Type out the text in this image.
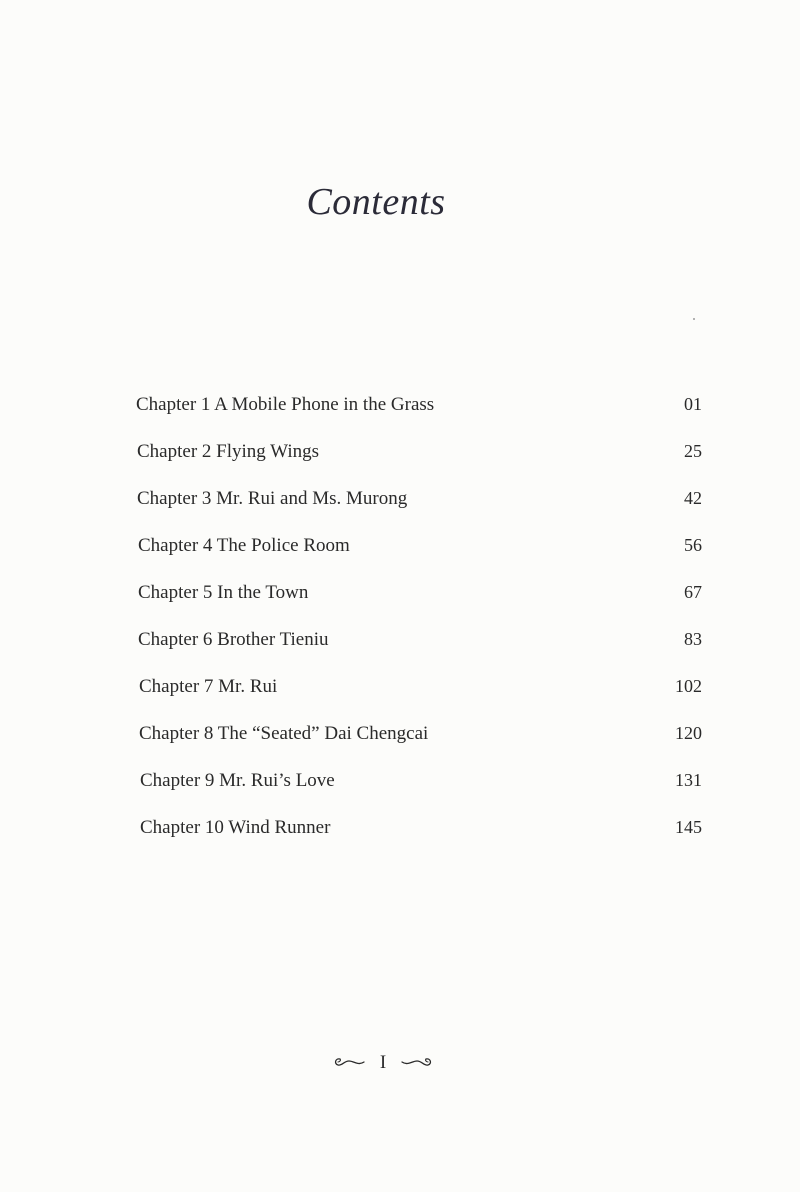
Contents
Chapter 1 A Mobile Phone in the Grass	01
Chapter 2 Flying Wings	25
Chapter 3 Mr. Rui and Ms. Murong	42
Chapter 4 The Police Room	56
Chapter 5 In the Town	67
Chapter 6 Brother Tieniu	83
Chapter 7 Mr. Rui	102
Chapter 8 The “Seated” Dai Chengcai	120
Chapter 9 Mr. Rui’s Love	131
Chapter 10 Wind Runner	145
I
